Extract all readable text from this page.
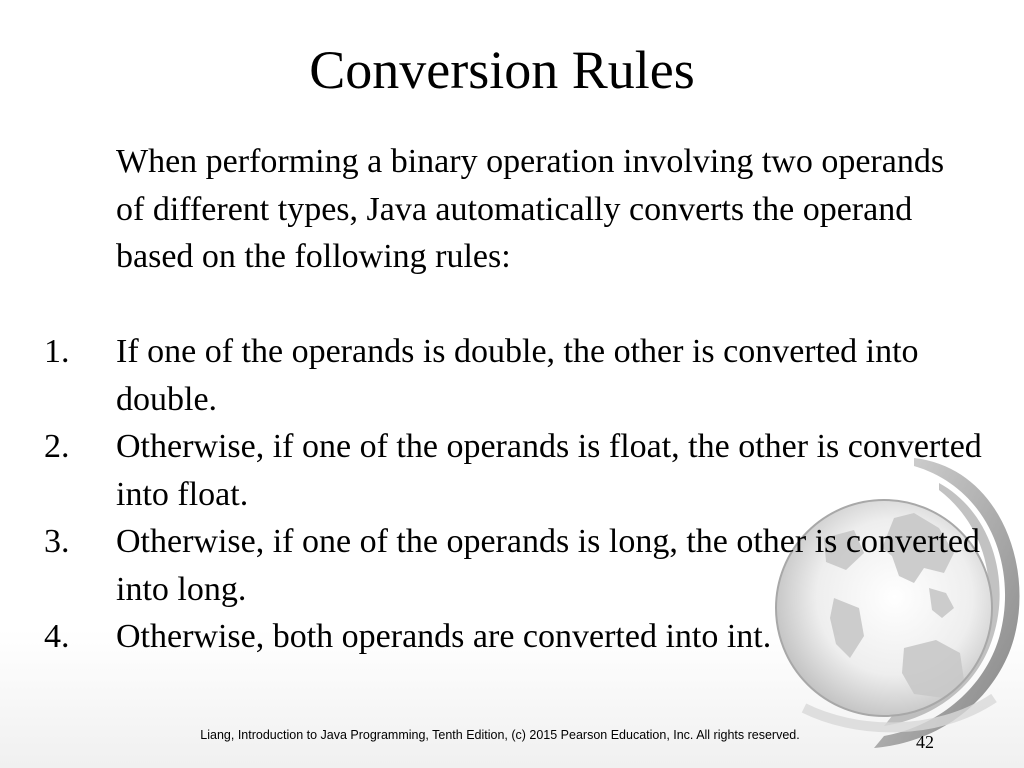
Conversion Rules

When performing a binary operation involving two operands of different types, Java automatically converts the operand based on the following rules:

1. If one of the operands is double, the other is converted into double.
2. Otherwise, if one of the operands is float, the other is converted into float.
3. Otherwise, if one of the operands is long, the other is converted into long.
4. Otherwise, both operands are converted into int.
Liang, Introduction to Java Programming, Tenth Edition, (c) 2015 Pearson Education, Inc. All rights reserved.	42
